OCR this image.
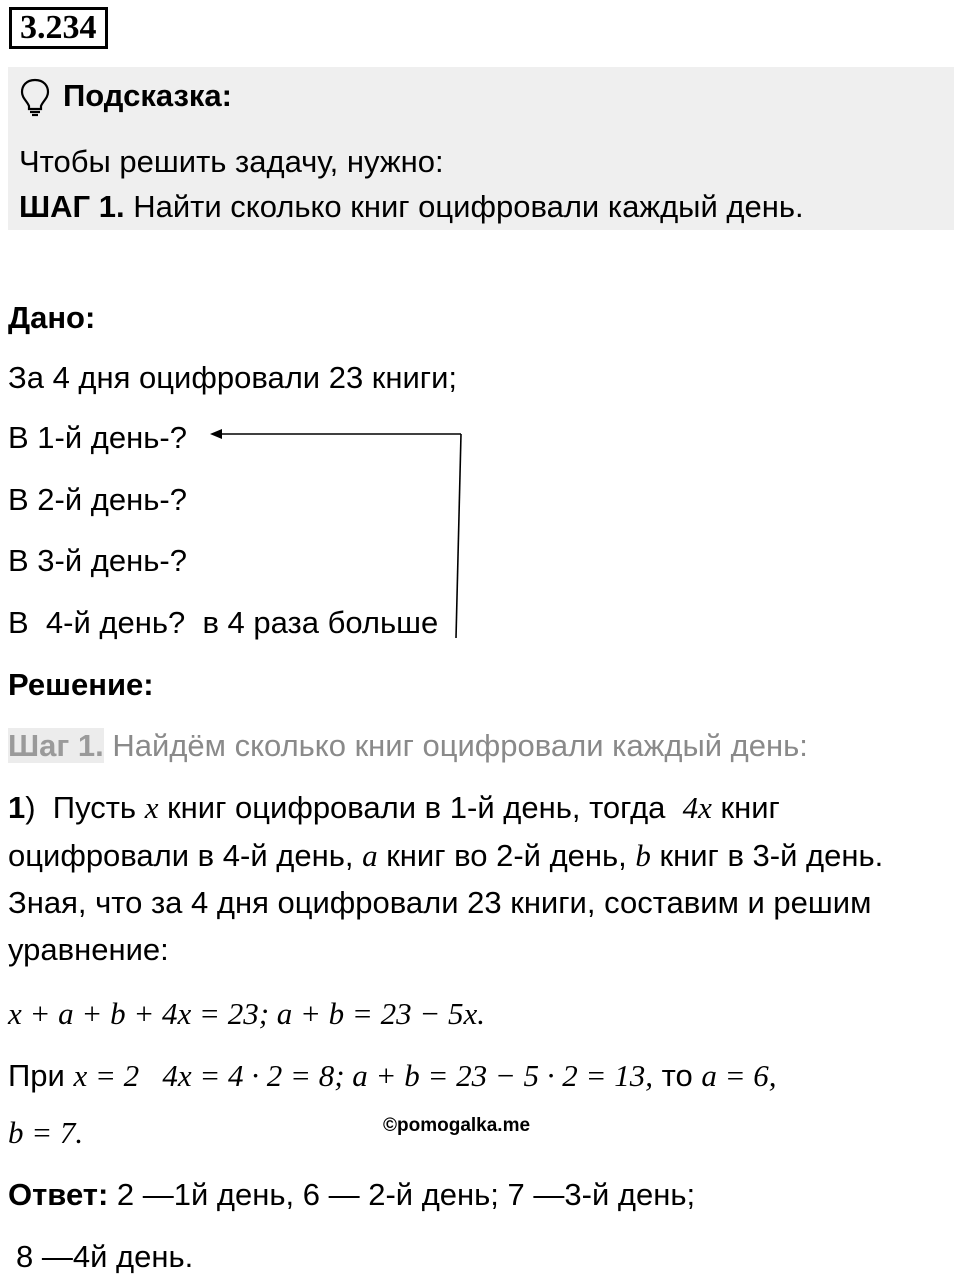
3.234
Подсказка:
Чтобы решить задачу, нужно:
ШАГ 1. Найти сколько книг оцифровали каждый день.
Дано:
За 4 дня оцифровали 23 книги;
В 1-й день-?
В 2-й день-?
В 3-й день-?
В  4-й день?  в 4 раза больше
Решение:
Шаг 1. Найдём сколько книг оцифровали каждый день:
1)  Пусть x книг оцифровали в 1-й день, тогда  4x книг
оцифровали в 4-й день, a книг во 2-й день, b книг в 3-й день.
Зная, что за 4 дня оцифровали 23 книги, составим и решим
уравнение:
x + a + b + 4x = 23; a + b = 23 − 5x.
При x = 2   4x = 4 · 2 = 8; a + b = 23 − 5 · 2 = 13, то a = 6,
b = 7.	©pomogalka.me
Ответ: 2 —1й день, 6 — 2-й день; 7 —3-й день;
8 —4й день.
